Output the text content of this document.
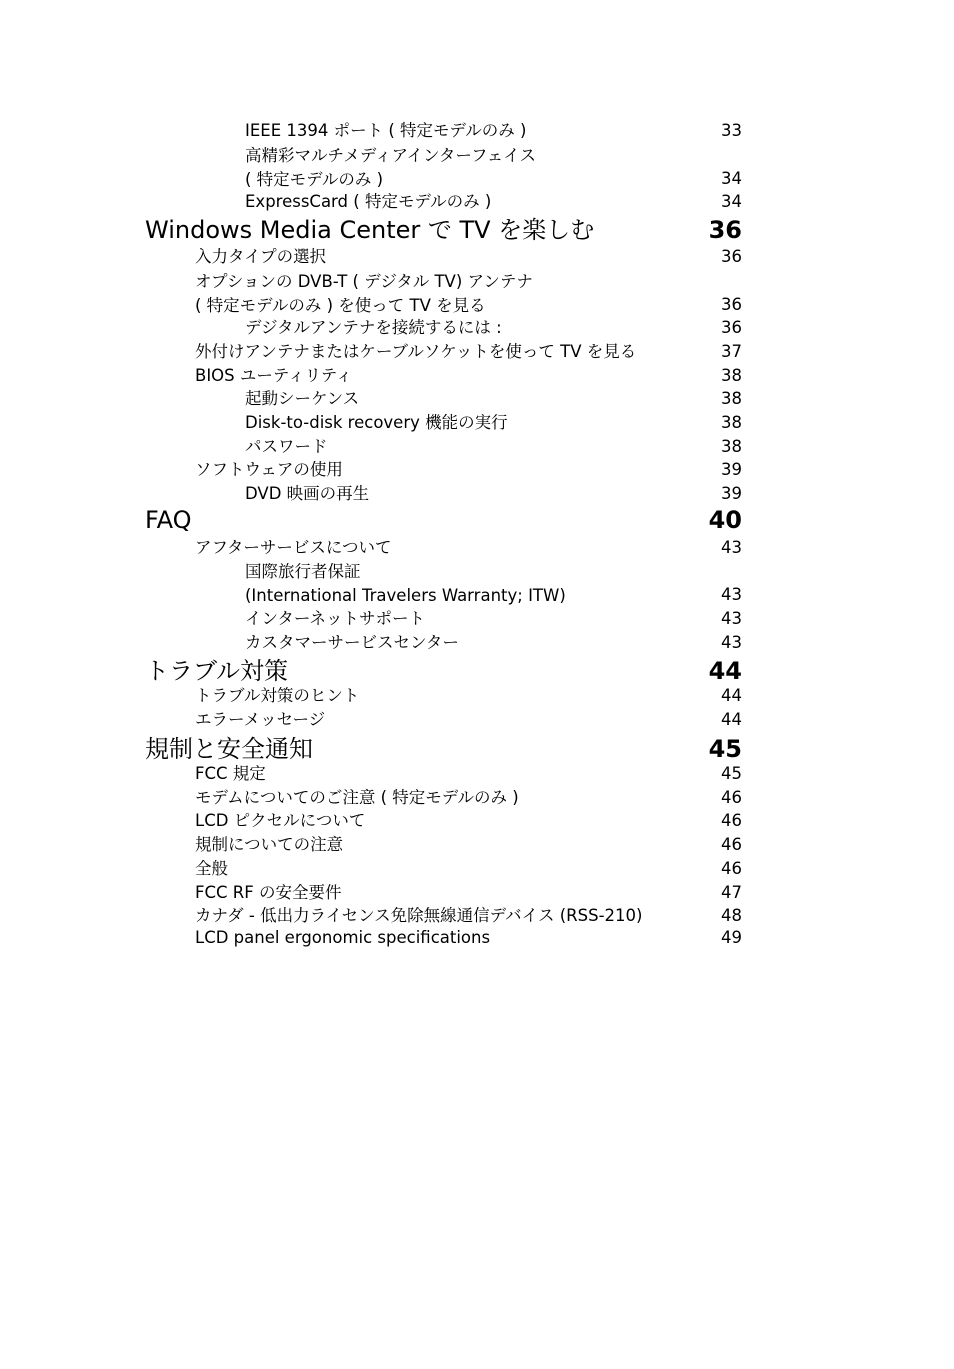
IEEE 1394 ポート ( 特定モデルのみ )	33
高精彩マルチメディアインターフェイス
( 特定モデルのみ )	34
ExpressCard ( 特定モデルのみ )	34
Windows Media Center で TV を楽しむ	36
入力タイプの選択	36
オプションの DVB-T ( デジタル TV) アンテナ
( 特定モデルのみ ) を使って TV を見る	36
デジタルアンテナを接続するには :	36
外付けアンテナまたはケーブルソケットを使って TV を見る	37
BIOS ユーティリティ	38
起動シーケンス	38
Disk-to-disk recovery 機能の実行	38
パスワード	38
ソフトウェアの使用	39
DVD 映画の再生	39
FAQ	40
アフターサービスについて	43
国際旅行者保証
(International Travelers Warranty; ITW)	43
インターネットサポート	43
カスタマーサービスセンター	43
トラブル対策	44
トラブル対策のヒント	44
エラーメッセージ	44
規制と安全通知	45
FCC 規定	45
モデムについてのご注意 ( 特定モデルのみ )	46
LCD ピクセルについて	46
規制についての注意	46
全般	46
FCC RF の安全要件	47
カナダ - 低出力ライセンス免除無線通信デバイス (RSS-210)	48
LCD panel ergonomic specifications	49
